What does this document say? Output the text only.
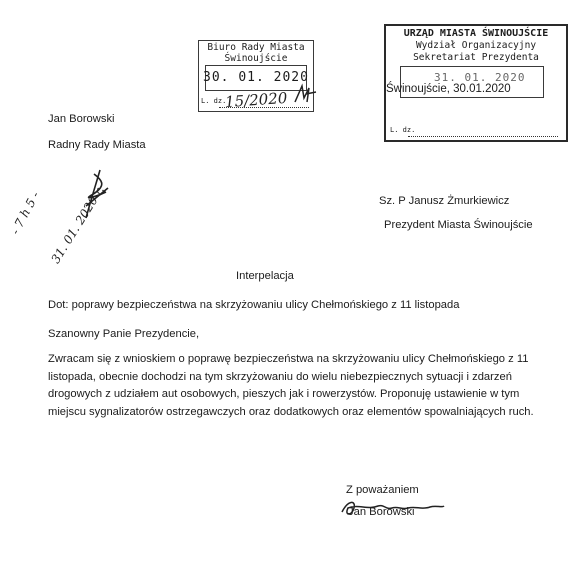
Biuro Rady Miasta
Świnoujście
30. 01. 2020
L. dz.
15/2020
URZĄD MIASTA ŚWINOUJŚCIE
Wydział Organizacyjny
Sekretariat Prezydenta
31. 01. 2020
L. dz.
Świnoujście, 30.01.2020
Jan Borowski
Radny Rady Miasta
- 7 h 5 - 31. 01. 2020 r.	Sz. P Janusz Żmurkiewicz
Prezydent Miasta Świnoujście
Interpelacja
Dot: poprawy bezpieczeństwa na skrzyżowaniu ulicy Chełmońskiego z 11 listopada
Szanowny Panie Prezydencie,
Zwracam się z wnioskiem o poprawę bezpieczeństwa na skrzyżowaniu ulicy Chełmońskiego z 11
listopada, obecnie dochodzi na tym skrzyżowaniu do wielu niebezpiecznych sytuacji i zdarzeń
drogowych z udziałem aut osobowych, pieszych jak i rowerzystów. Proponuję ustawienie w tym
miejscu sygnalizatorów ostrzegawczych oraz dodatkowych oraz elementów spowalniających ruch.
Z poważaniem
Jan Borowski
